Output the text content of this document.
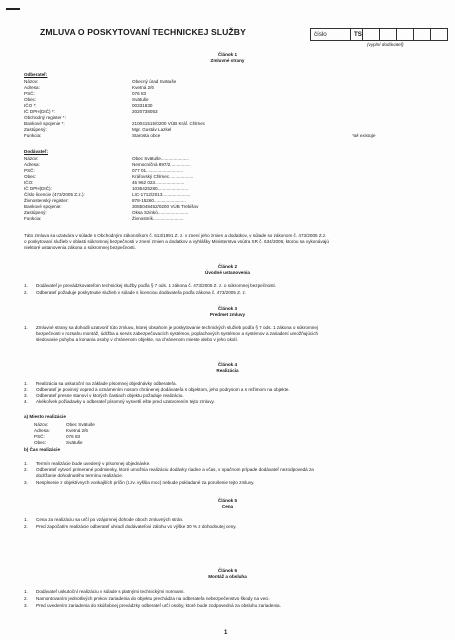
ZMLUVA O POSKYTOVANÍ TECHNICKEJ SLUŽBY	číslo	TS
(vyplní dodávateľ)
Článok 1
Zmluvné strany
Odberateľ:
Názov:	Obecný úrad Svätuše
Adresa:	Kvetná 2/6
PSČ:	076 83
Obec:	Svätuše
IČO *:	00331830
IČ DPH(DIČ) *:	2020738053
Obchodný register *:
Bankové spojenie *:	210041515/0200 VÚB Kráľ. Chlmec
Zastúpený:	Mgr. Gustáv Lazkel
Funkcia:	Starosta obce	*ak existuje
Dodávateľ:
Názov:	Obec Svätuše......................
Adresa:	Nemocničná 897/2................
PSČ:	077 01.............................
Obec:	Kráľovský Chlmec...................
IČO:	45 962 023.......................
IČ DPH(DIČ):	1035425280........................
Číslo licencie (473/2005 Z.z.):	LIC-1712/2013......................
Živnostenský register:	878-15260.........................
Bankové spojenie:	3085048452/0200 VÚB Trebišov
Zastúpený:	Oksa Szinkó........................
Funkcia:	Živnostník........................
Táto zmluva sa uzatvára v súlade s Obchodným zákonníkom č. 513/1991 Z. z. v znení jeho zmien a dodatkov, v súlade so zákonom č. 473/2005 Z.z.
o poskytovaní služieb v oblasti súkromnej bezpečnosti v znení zmien a dodatkov a vyhlášky Ministerstva vnútra SR č. 634/2006, ktorou sa vykonávajú
niektoré ustanovenia zákona o súkromnej bezpečnosti.
Článok 2
Úvodné ustanovenia
1. Dodávateľ je prevádzkovateľom technickej služby podľa § 7 ods. 1 zákona č. 473/2005 Z. z. o súkromnej bezpečnosti.
2. Odberateľ požaduje poskytnutie služieb v súlade s licenciou dodávateľa podľa zákona č. 473/2005 Z. z.
Článok 3
Predmet zmluvy
1. Zmluvné strany sa dohodli uzatvoriť túto zmluvu, ktorej obsahom je poskytovanie technických služieb podľa § 7 ods. 1 zákona o súkromnej
bezpečnosti v rozsahu montáž, údržba a servis zabezpečovacích systémov, poplachových systémov a systémov a zariadení umožňujúcich
sledovanie pohybu a konania osoby v chránenom objekte, na chránenom mieste alebo v jeho okolí.
Článok 4
Realizácia
1. Realizácia sa uskutoční na základe písomnej objednávky odberateľa.
2. Odberateľ je povinný vopred a oznámením nosom chránenej dodávateľa s objektom, jeho podrysom a s režimom na objekte.
3. Odberateľ presne stanoví v ktorých častiach objektu požaduje realizáciu.
4. Akékoľvek požiadavky u odberateľ písomný vysvetlí ešte pred uzatvorením tejto zmluvy.
a) Miesto realizácie
Názov:	Obec Svätuše
Adresa:	Kvetná 2/6
PSČ:	076 83
Obec:	Svätuše
b) Čas realizácie
1. Termín realizácie bude uvedený v písomnej objednávke.
2. Odberateľ vytvorí primerané podmienky, ktoré umožnia realizáciu dodávky riadne a včas, v opačnom prípade dodávateľ nezodpovedá za
dodržanie dohodnutého termínu realizácie.
3. Nesplnenie z objektívnych vonkajších príčin (t.zv. vyššia moc) nebude pokladané za porušenie tejto zmluvy.
Článok 5
Cena
1. Cena za realizáciu sa určí po vzájomnej dohode oboch zmluvných strán.
2. Pred započatím realizácie odberateľ uhradí dodávateľovi zálohu vo výške 30 % z dohodnutej ceny.
Článok 6
Montáž a obsluha
1. Dodávateľ uskutoční realizáciu v súlade s platnými technickými normami.
2. Namontovaním jednotlivých prvkov zariadenia do objektu prechádza na odberateľa nebezpečenstvo škody na veci.
3. Pred uvedením zariadenia do skúšobnej prevádzky odberateľ určí osoby, ktoré bude zodpovedná za obsluhu zariadenia.
1
